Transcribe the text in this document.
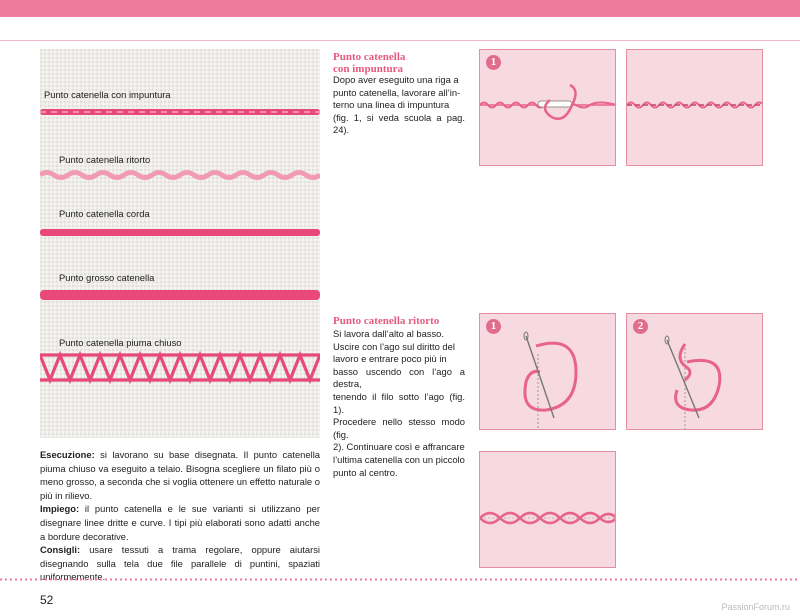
Punto catenella con impuntura
Punto catenella ritorto
Punto catenella corda
Punto grosso catenella
Punto catenella piuma chiuso
Punto catenella
con impuntura
Dopo aver eseguito una riga a
punto catenella, lavorare all’in-
terno una linea di impuntura
(fig. 1, si veda scuola a pag. 24).
1
Punto catenella ritorto
Si lavora dall’alto al basso.
Uscire con l’ago sul diritto del
lavoro e entrare poco più in
basso uscendo con l’ago a destra,
tenendo il filo sotto l’ago (fig. 1).
Procedere nello stesso modo (fig.
2). Continuare così e affrancare
l’ultima catenella con un piccolo
punto al centro.
1	2

Esecuzione: si lavorano su base disegnata. Il punto catenella piuma chiuso va eseguito a telaio. Bisogna scegliere un filato più o meno grosso, a seconda che si voglia ottenere un effetto naturale o più in rilievo.

Impiego: il punto catenella e le sue varianti si utilizzano per disegnare linee dritte e curve. I tipi più elaborati sono adatti anche a bordure decorative.

Consigli: usare tessuti a trama regolare, oppure aiutarsi disegnando sulla tela due file parallele di puntini, spaziati uniformemente.

52	PassionForum.ru
